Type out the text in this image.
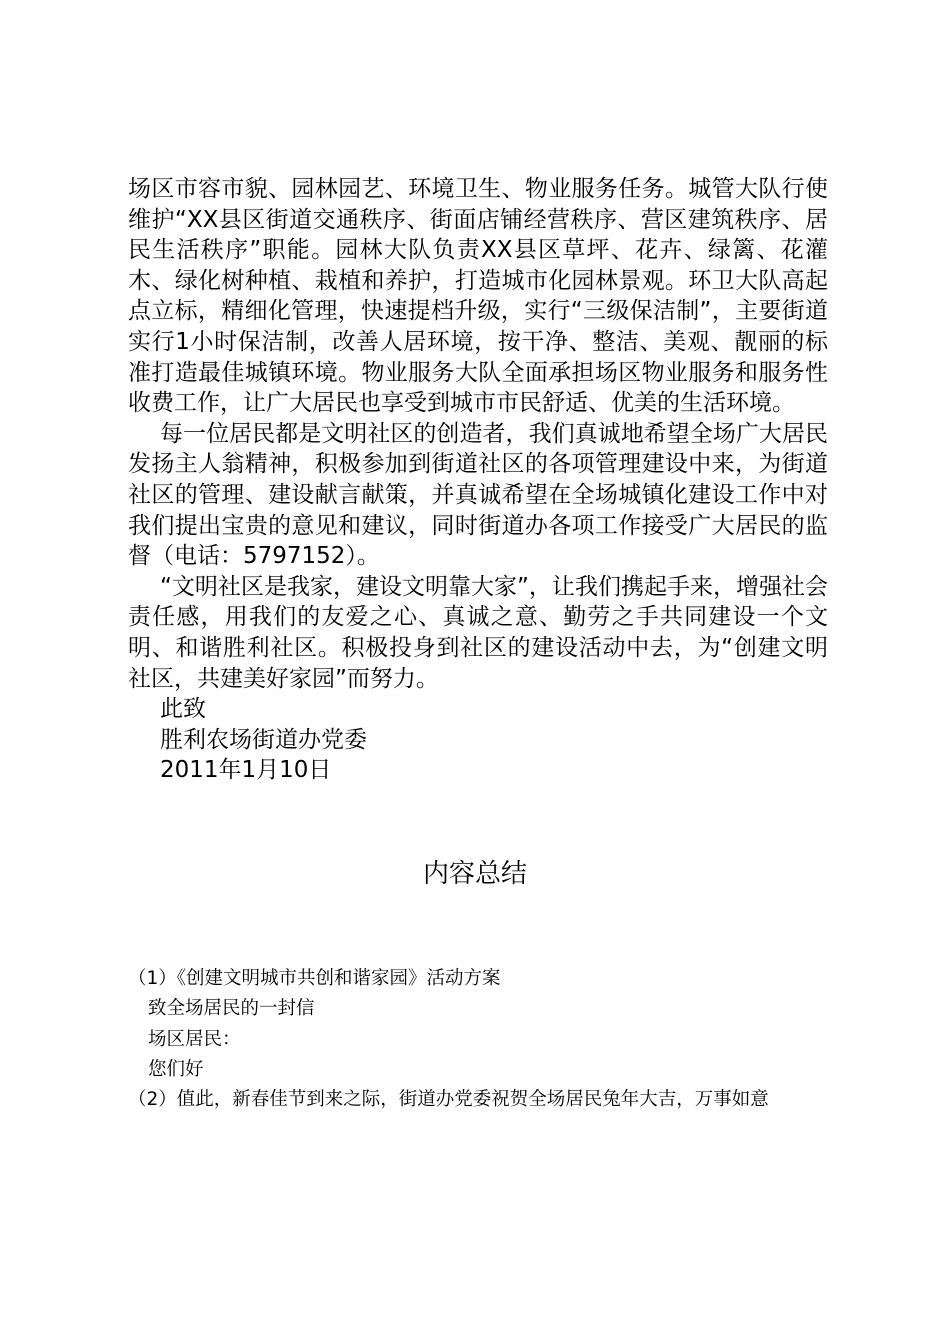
场区市容市貌、园林园艺、环境卫生、物业服务任务。城管大队行使维护“XX县区街道交通秩序、街面店铺经营秩序、营区建筑秩序、居民生活秩序”职能。园林大队负责XX县区草坪、花卉、绿篱、花灌木、绿化树种植、栽植和养护，打造城市化园林景观。环卫大队高起点立标，精细化管理，快速提档升级，实行“三级保洁制”，主要街道实行1小时保洁制，改善人居环境，按干净、整洁、美观、靓丽的标准打造最佳城镇环境。物业服务大队全面承担场区物业服务和服务性收费工作，让广大居民也享受到城市市民舒适、优美的生活环境。

每一位居民都是文明社区的创造者，我们真诚地希望全场广大居民发扬主人翁精神，积极参加到街道社区的各项管理建设中来，为街道社区的管理、建设献言献策，并真诚希望在全场城镇化建设工作中对我们提出宝贵的意见和建议，同时街道办各项工作接受广大居民的监督（电话：5797152）。

“文明社区是我家，建设文明靠大家”，让我们携起手来，增强社会责任感，用我们的友爱之心、真诚之意、勤劳之手共同建设一个文明、和谐胜利社区。积极投身到社区的建设活动中去，为“创建文明社区，共建美好家园”而努力。

此致

胜利农场街道办党委

2011年1月10日

内容总结

（1）《创建文明城市共创和谐家园》活动方案

致全场居民的一封信

场区居民：

您们好

（2）值此，新春佳节到来之际，街道办党委祝贺全场居民兔年大吉，万事如意
